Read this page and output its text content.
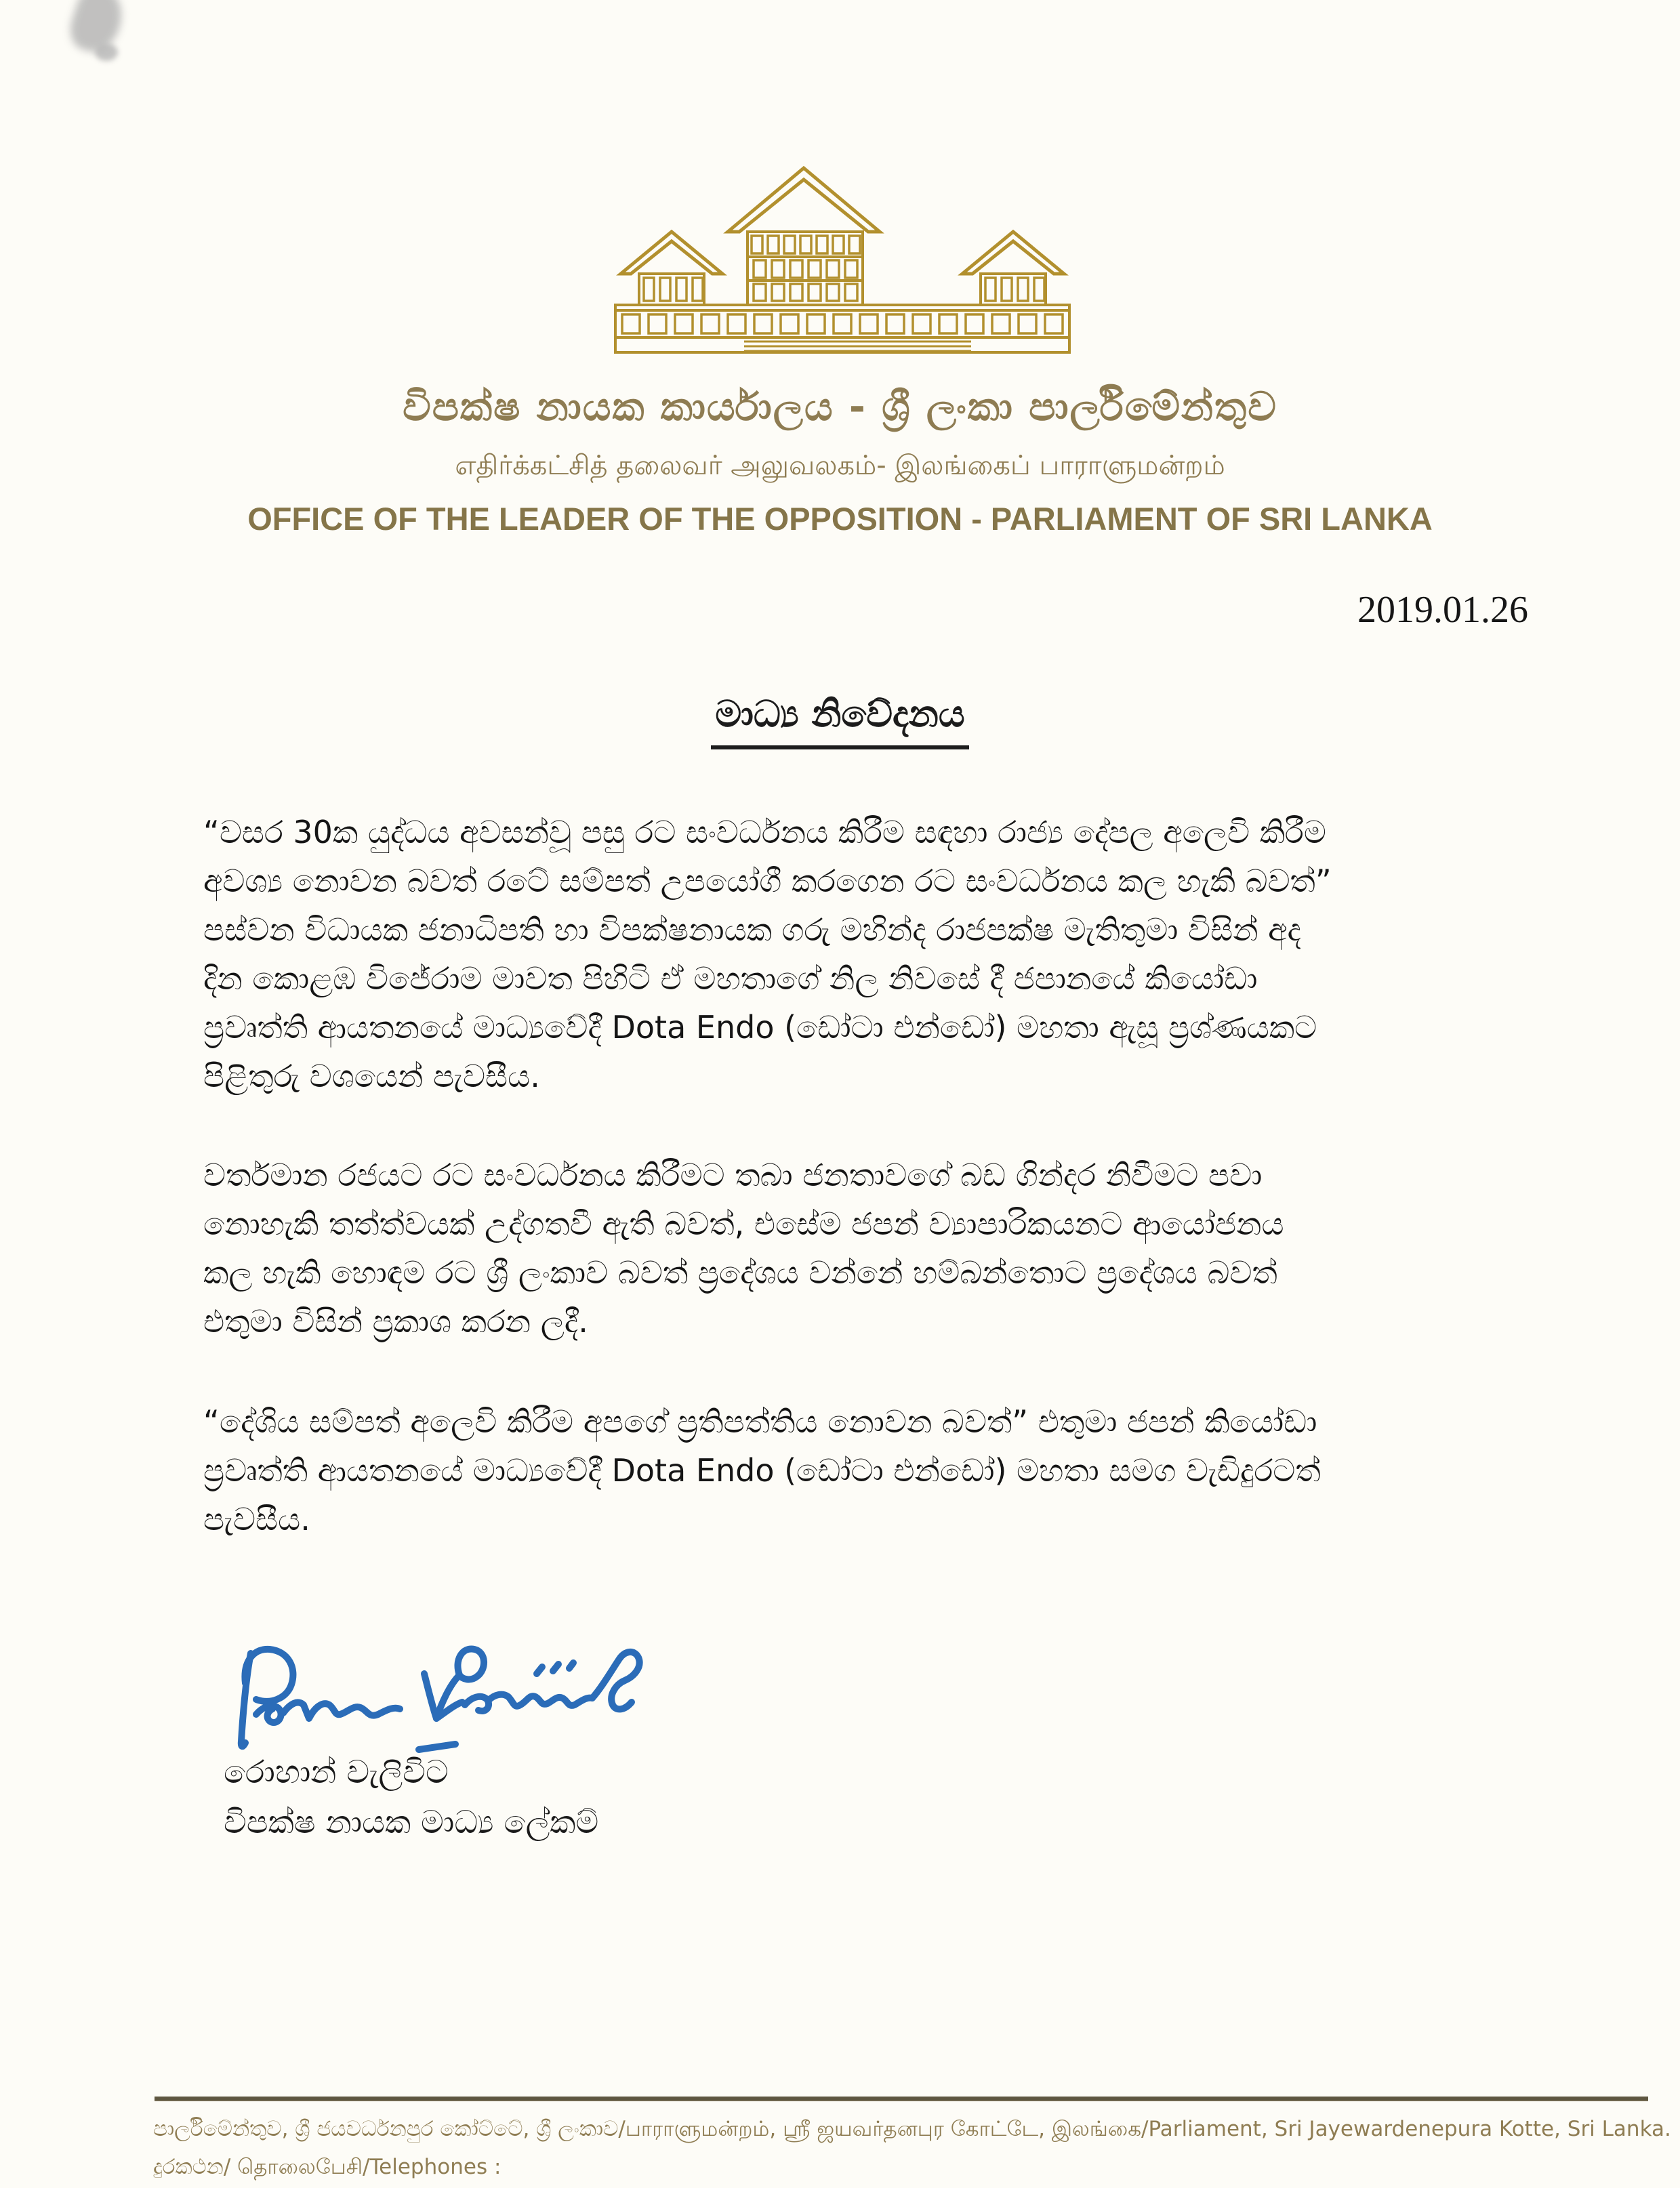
විපක්ෂ නායක කාර්යාලය - ශ්‍රී ලංකා පාර්ලිමේන්තුව
எதிர்க்கட்சித் தலைவர் அலுவலகம்- இலங்கைப் பாராளுமன்றம்
OFFICE OF THE LEADER OF THE OPPOSITION - PARLIAMENT OF SRI LANKA
2019.01.26
මාධ්‍ය නිවේදනය
“වසර 30ක යුද්ධය අවසන්වූ පසු රට සංවර්ධනය කිරීම සඳහා රාජ්‍ය දේපල අලෙවි කිරීම
අවශ්‍ය නොවන බවත් රටේ සම්පත් උපයෝගී කරගෙන රට සංවර්ධනය කල හැකි බවත්”
පස්වන විධායක ජනාධිපති හා විපක්ෂනායක ගරු මහින්ද රාජපක්ෂ මැතිතුමා විසින් අද
දින කොළඹ විජේරාම මාවත පිහිටි ඒ මහතාගේ නිල නිවසේ දී ජපානයේ කියෝඩා
ප්‍රවෘත්ති ආයතනයේ මාධ්‍යවේදී Dota Endo (ඩෝටා එන්ඩෝ) මහතා ඇසූ ප්‍රශ්ණයකට
පිළිතුරු වශයෙන් පැවසීය.
වර්තමාන රජයට රට සංවර්ධනය කිරීමට තබා ජනතාවගේ බඩ ගින්දර නිවීමට පවා
නොහැකි තත්ත්වයක් උද්ගතවී ඇති බවත්, එසේම ජපන් ව්‍යාපාරිකයනට ආයෝජනය
කල හැකි හොඳම රට ශ්‍රී ලංකාව බවත් ප්‍රදේශය වන්නේ හම්බන්තොට ප්‍රදේශය බවත්
එතුමා විසින් ප්‍රකාශ කරන ලදී.
“දේශිය සම්පත් අලෙවි කිරීම අපගේ ප්‍රතිපත්තිය නොවන බවත්” එතුමා ජපන් කියෝඩා
ප්‍රවෘත්ති ආයතනයේ මාධ්‍යවේදී Dota Endo (ඩෝටා එන්ඩෝ) මහතා සමග වැඩිදුරටත්
පැවසීය.
රොහාන් වැලිවිට
විපක්ෂ නායක මාධ්‍ය ලේකම්
පාර්ලිමේන්තුව, ශ්‍රී ජයවර්ධනපුර කෝට්ටේ, ශ්‍රී ලංකාව/பாராளுமன்றம், ஸ்ரீ ஜயவர்தனபுர கோட்டே, இலங்கை/Parliament, Sri Jayewardenepura Kotte, Sri Lanka.
දුරකථන/ தொலைபேசி/Telephones :
